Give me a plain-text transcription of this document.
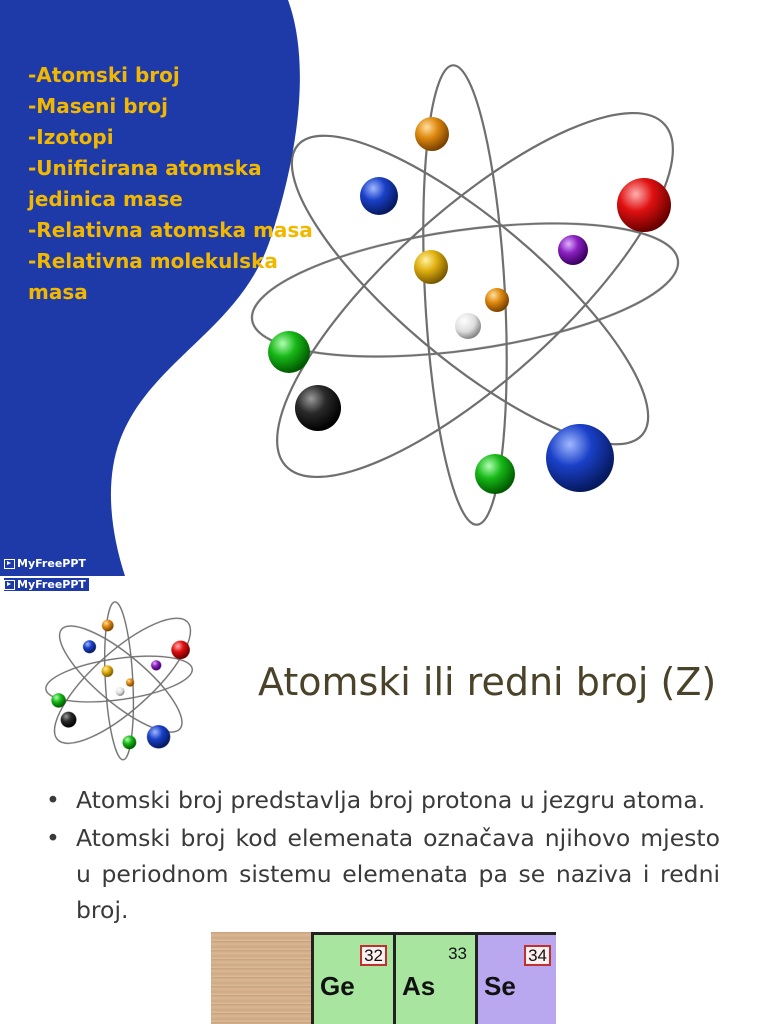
-Atomski broj
-Maseni broj
-Izotopi
-Unificirana atomska jedinica mase
-Relativna atomska masa
-Relativna molekulska masa
MyFreePPT
MyFreePPT
Atomski ili redni broj (Z)
• Atomski broj predstavlja broj protona u jezgru atoma.
• Atomski broj kod elemenata označava njihovo mjesto u periodnom sistemu elemenata pa se naziva i redni broj.
32
Ge
33
As
34
Se
